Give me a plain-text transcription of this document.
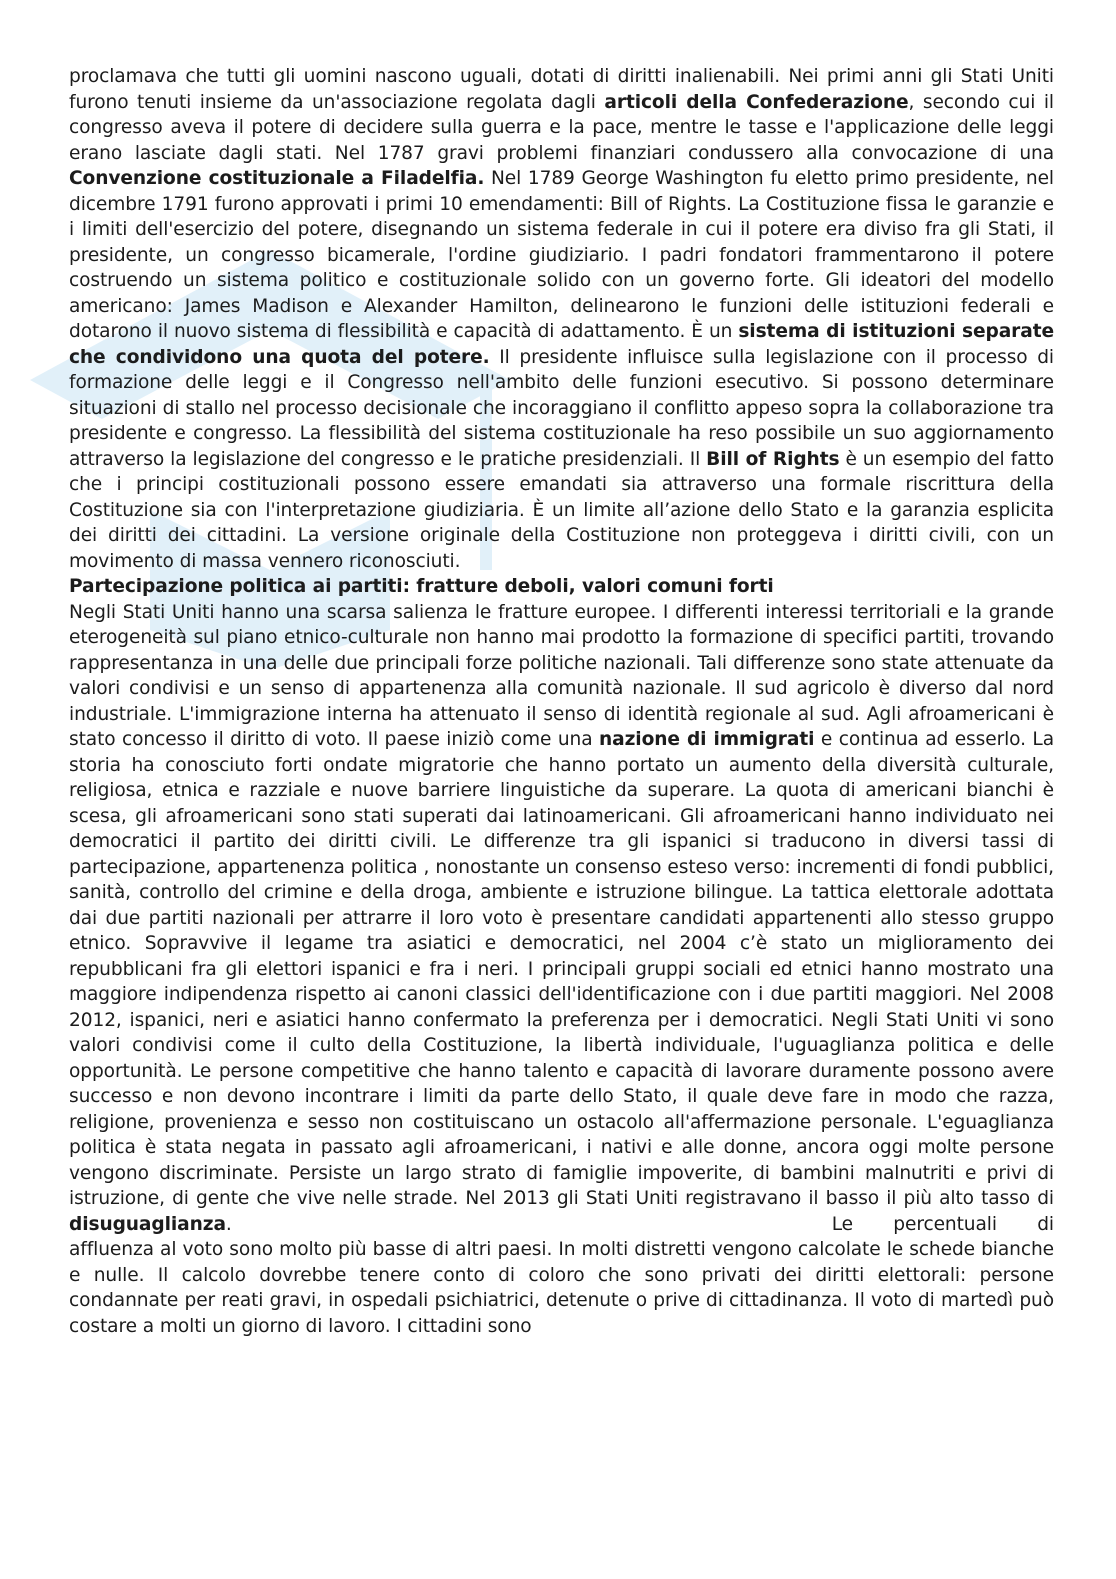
proclamava che tutti gli uomini nascono uguali, dotati di diritti inalienabili. Nei primi anni gli Stati Uniti furono tenuti insieme da un'associazione regolata dagli articoli della Confederazione, secondo cui il congresso aveva il potere di decidere sulla guerra e la pace, mentre le tasse e l'applicazione delle leggi erano lasciate dagli stati. Nel 1787 gravi problemi finanziari condussero alla convocazione di una Convenzione costituzionale a Filadelfia. Nel 1789 George Washington fu eletto primo presidente, nel dicembre 1791 furono approvati i primi 10 emendamenti: Bill of Rights. La Costituzione fissa le garanzie e i limiti dell'esercizio del potere, disegnando un sistema federale in cui il potere era diviso fra gli Stati, il presidente, un congresso bicamerale, l'ordine giudiziario. I padri fondatori frammentarono il potere costruendo un sistema politico e costituzionale solido con un governo forte. Gli ideatori del modello americano: James Madison e Alexander Hamilton, delinearono le funzioni delle istituzioni federali e dotarono il nuovo sistema di flessibilità e capacità di adattamento. È un sistema di istituzioni separate che condividono una quota del potere. Il presidente influisce sulla legislazione con il processo di formazione delle leggi e il Congresso nell'ambito delle funzioni esecutivo. Si possono determinare situazioni di stallo nel processo decisionale che incoraggiano il conflitto appeso sopra la collaborazione tra presidente e congresso. La flessibilità del sistema costituzionale ha reso possibile un suo aggiornamento attraverso la legislazione del congresso e le pratiche presidenziali. Il Bill of Rights è un esempio del fatto che i principi costituzionali possono essere emandati sia attraverso una formale riscrittura della Costituzione sia con l'interpretazione giudiziaria. È un limite all’azione dello Stato e la garanzia esplicita dei diritti dei cittadini. La versione originale della Costituzione non proteggeva i diritti civili, con un movimento di massa vennero riconosciuti.

Partecipazione politica ai partiti: fratture deboli, valori comuni forti

Negli Stati Uniti hanno una scarsa salienza le fratture europee. I differenti interessi territoriali e la grande eterogeneità sul piano etnico-culturale non hanno mai prodotto la formazione di specifici partiti, trovando rappresentanza in una delle due principali forze politiche nazionali. Tali differenze sono state attenuate da valori condivisi e un senso di appartenenza alla comunità nazionale. Il sud agricolo è diverso dal nord industriale. L'immigrazione interna ha attenuato il senso di identità regionale al sud. Agli afroamericani è stato concesso il diritto di voto. Il paese iniziò come una nazione di immigrati e continua ad esserlo. La storia ha conosciuto forti ondate migratorie che hanno portato un aumento della diversità culturale, religiosa, etnica e razziale e nuove barriere linguistiche da superare. La quota di americani bianchi è scesa, gli afroamericani sono stati superati dai latinoamericani. Gli afroamericani hanno individuato nei democratici il partito dei diritti civili. Le differenze tra gli ispanici si traducono in diversi tassi di partecipazione, appartenenza politica , nonostante un consenso esteso verso: incrementi di fondi pubblici, sanità, controllo del crimine e della droga, ambiente e istruzione bilingue. La tattica elettorale adottata dai due partiti nazionali per attrarre il loro voto è presentare candidati appartenenti allo stesso gruppo etnico. Sopravvive il legame tra asiatici e democratici, nel 2004 c’è stato un miglioramento dei repubblicani fra gli elettori ispanici e fra i neri. I principali gruppi sociali ed etnici hanno mostrato una maggiore indipendenza rispetto ai canoni classici dell'identificazione con i due partiti maggiori. Nel 2008 2012, ispanici, neri e asiatici hanno confermato la preferenza per i democratici. Negli Stati Uniti vi sono valori condivisi come il culto della Costituzione, la libertà individuale, l'uguaglianza politica e delle opportunità. Le persone competitive che hanno talento e capacità di lavorare duramente possono avere successo e non devono incontrare i limiti da parte dello Stato, il quale deve fare in modo che razza, religione, provenienza e sesso non costituiscano un ostacolo all'affermazione personale. L'eguaglianza politica è stata negata in passato agli afroamericani, i nativi e alle donne, ancora oggi molte persone vengono discriminate. Persiste un largo strato di famiglie impoverite, di bambini malnutriti e privi di istruzione, di gente che vive nelle strade. Nel 2013 gli Stati Uniti registravano il basso il più alto tasso di disuguaglianza.	Le percentuali di affluenza al voto sono molto più basse di altri paesi. In molti distretti vengono calcolate le schede bianche e nulle. Il calcolo dovrebbe tenere conto di coloro che sono privati dei diritti elettorali: persone condannate per reati gravi, in ospedali psichiatrici, detenute o prive di cittadinanza. Il voto di martedì può costare a molti un giorno di lavoro. I cittadini sono
